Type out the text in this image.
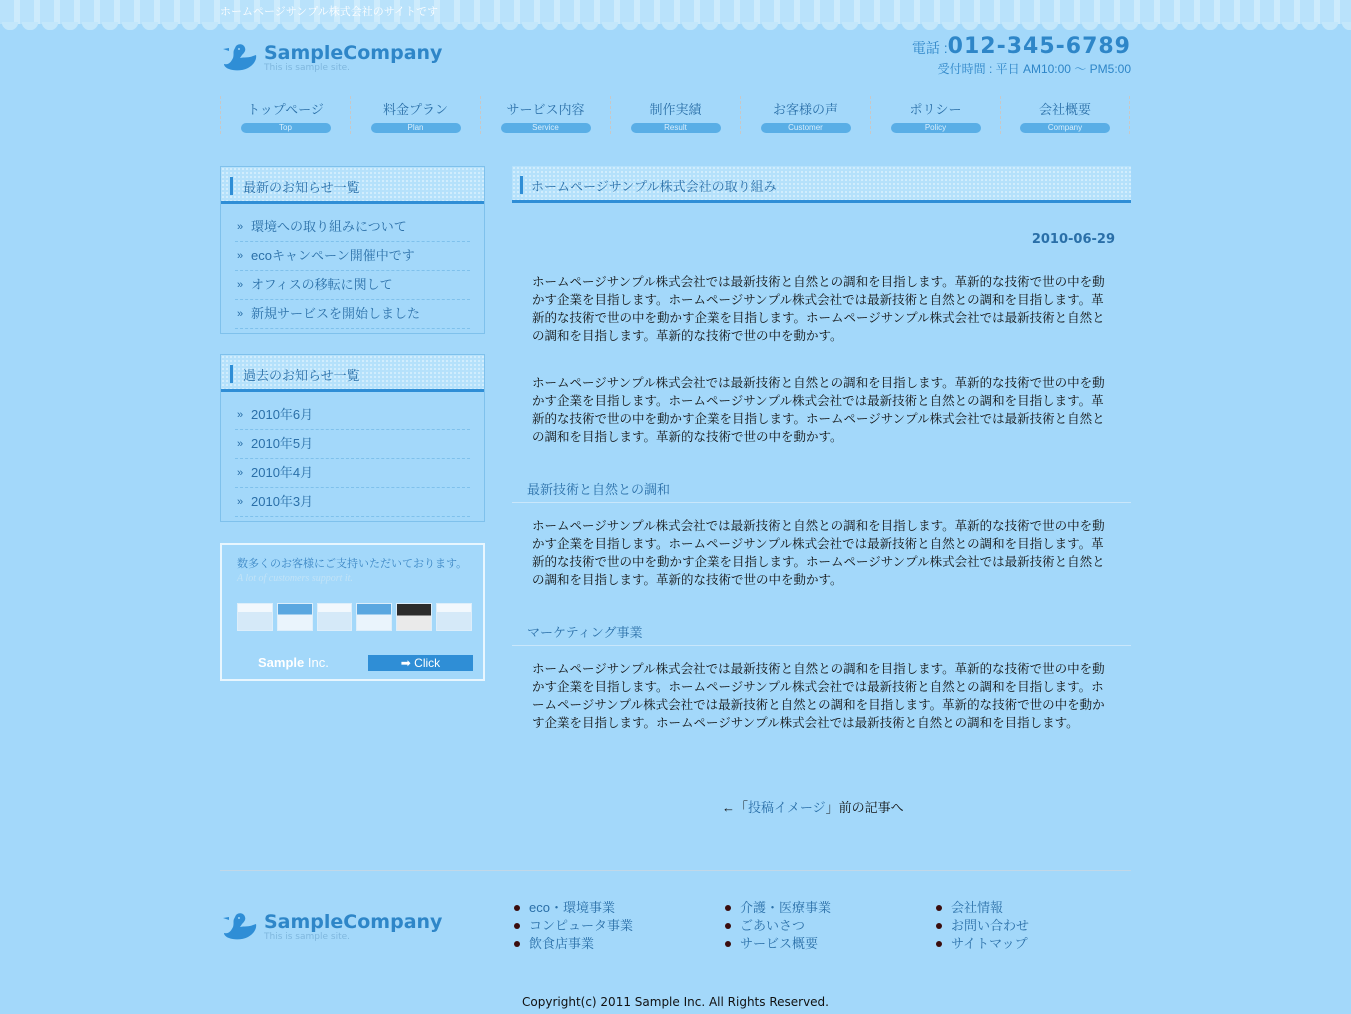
ホームページサンプル株式会社のサイトです
SampleCompany
This is sample site.
電話 : 012-345-6789
受付時間 : 平日 AM10:00 ～ PM5:00
トップページ
Top
料金プラン
Plan
サービス内容
Service
制作実績
Result
お客様の声
Customer
ポリシー
Policy
会社概要
Company
最新のお知らせ一覧
» 環境への取り組みについて
» ecoキャンペーン開催中です
» オフィスの移転に関して
» 新規サービスを開始しました
過去のお知らせ一覧
» 2010年6月
» 2010年5月
» 2010年4月
» 2010年3月
数多くのお客様にご支持いただいております。
A lot of customers support it.
Sample Inc.	➡ Click
ホームページサンプル株式会社の取り組み
2010-06-29

ホームページサンプル株式会社では最新技術と自然との調和を目指します。革新的な技術で世の中を動かす企業を目指します。ホームページサンプル株式会社では最新技術と自然との調和を目指します。革新的な技術で世の中を動かす企業を目指します。ホームページサンプル株式会社では最新技術と自然との調和を目指します。革新的な技術で世の中を動かす。

ホームページサンプル株式会社では最新技術と自然との調和を目指します。革新的な技術で世の中を動かす企業を目指します。ホームページサンプル株式会社では最新技術と自然との調和を目指します。革新的な技術で世の中を動かす企業を目指します。ホームページサンプル株式会社では最新技術と自然との調和を目指します。革新的な技術で世の中を動かす。

最新技術と自然との調和

ホームページサンプル株式会社では最新技術と自然との調和を目指します。革新的な技術で世の中を動かす企業を目指します。ホームページサンプル株式会社では最新技術と自然との調和を目指します。革新的な技術で世の中を動かす企業を目指します。ホームページサンプル株式会社では最新技術と自然との調和を目指します。革新的な技術で世の中を動かす。

マーケティング事業

ホームページサンプル株式会社では最新技術と自然との調和を目指します。革新的な技術で世の中を動かす企業を目指します。ホームページサンプル株式会社では最新技術と自然との調和を目指します。ホームページサンプル株式会社では最新技術と自然との調和を目指します。革新的な技術で世の中を動かす企業を目指します。ホームページサンプル株式会社では最新技術と自然との調和を目指します。

←「投稿イメージ」前の記事へ
SampleCompany
This is sample site.
eco・環境事業
コンピュータ事業
飲食店事業
介護・医療事業
ごあいさつ
サービス概要
会社情報
お問い合わせ
サイトマップ
Copyright(c) 2011 Sample Inc. All Rights Reserved.
